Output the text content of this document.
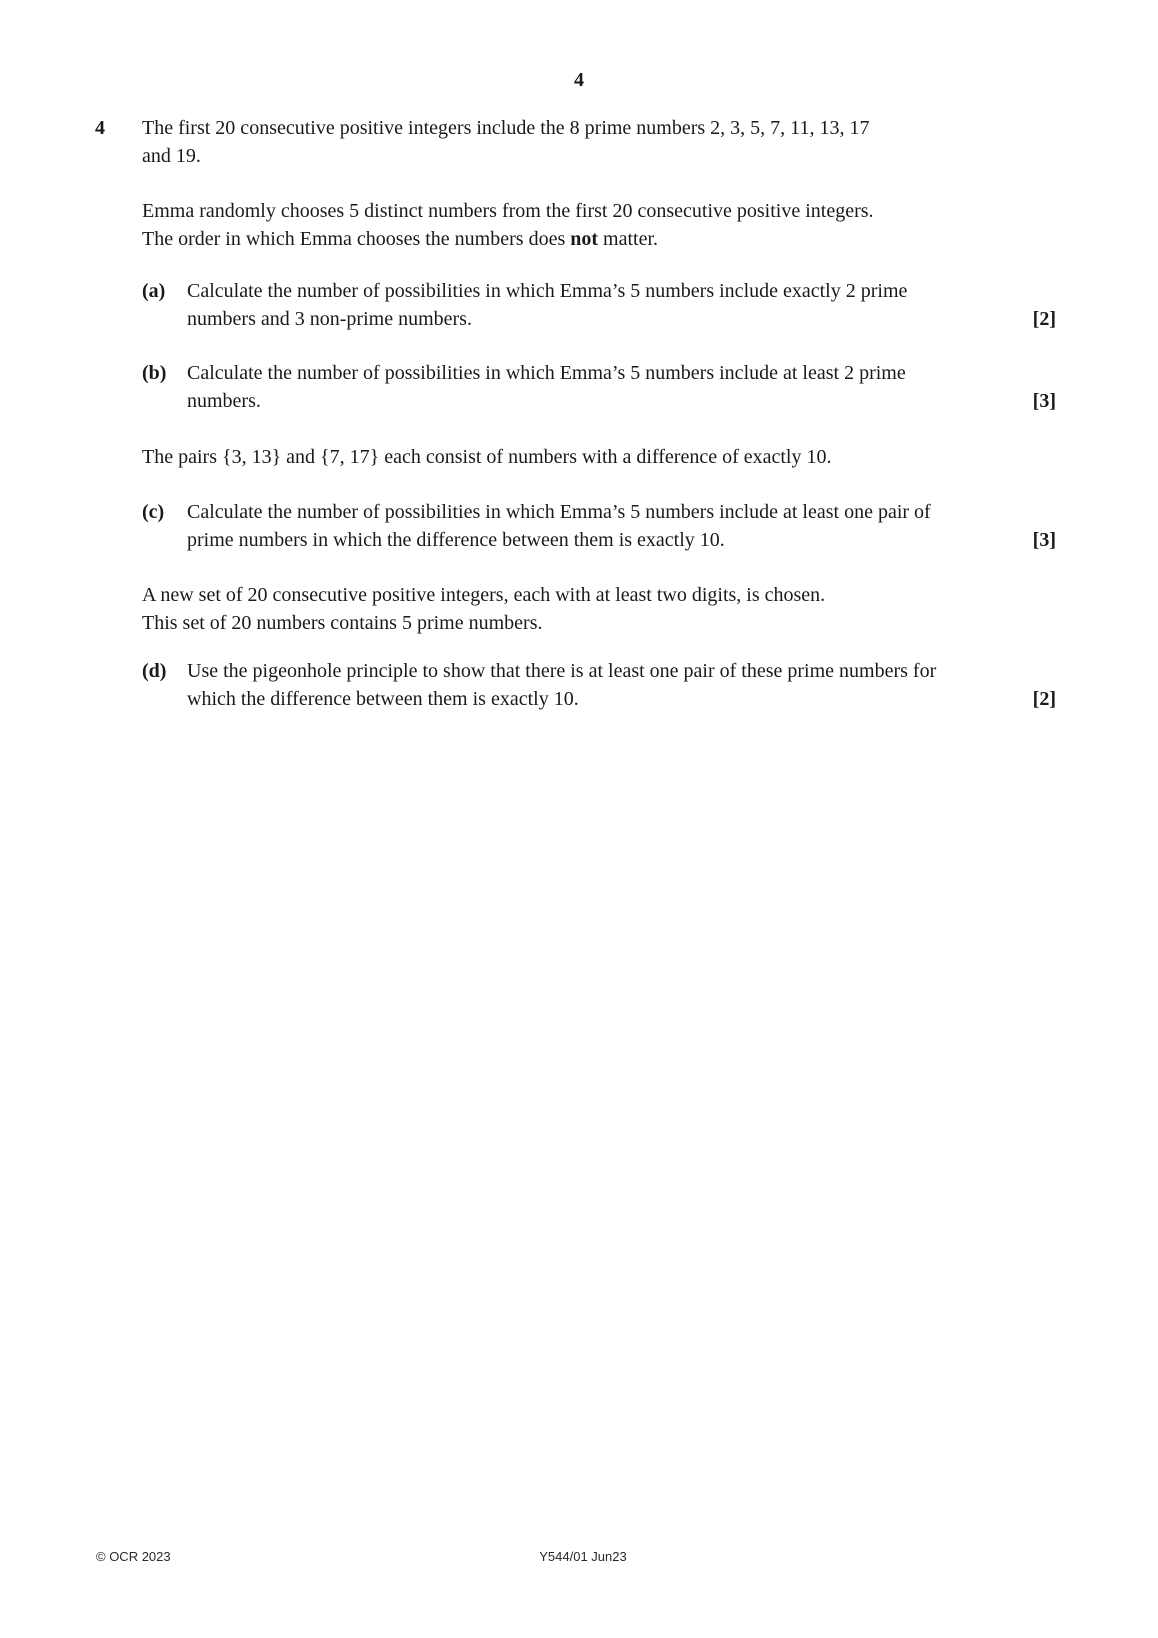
4
4 The first 20 consecutive positive integers include the 8 prime numbers 2, 3, 5, 7, 11, 13, 17
and 19.
Emma randomly chooses 5 distinct numbers from the first 20 consecutive positive integers.
The order in which Emma chooses the numbers does not matter.
(a)	Calculate the number of possibilities in which Emma’s 5 numbers include exactly 2 prime
numbers and 3 non-prime numbers.	[2]
(b)	Calculate the number of possibilities in which Emma’s 5 numbers include at least 2 prime
numbers.	[3]
The pairs {3, 13} and {7, 17} each consist of numbers with a difference of exactly 10.
(c)	Calculate the number of possibilities in which Emma’s 5 numbers include at least one pair of
prime numbers in which the difference between them is exactly 10.	[3]
A new set of 20 consecutive positive integers, each with at least two digits, is chosen.
This set of 20 numbers contains 5 prime numbers.
(d)	Use the pigeonhole principle to show that there is at least one pair of these prime numbers for
which the difference between them is exactly 10.	[2]
© OCR 2023	Y544/01 Jun23
